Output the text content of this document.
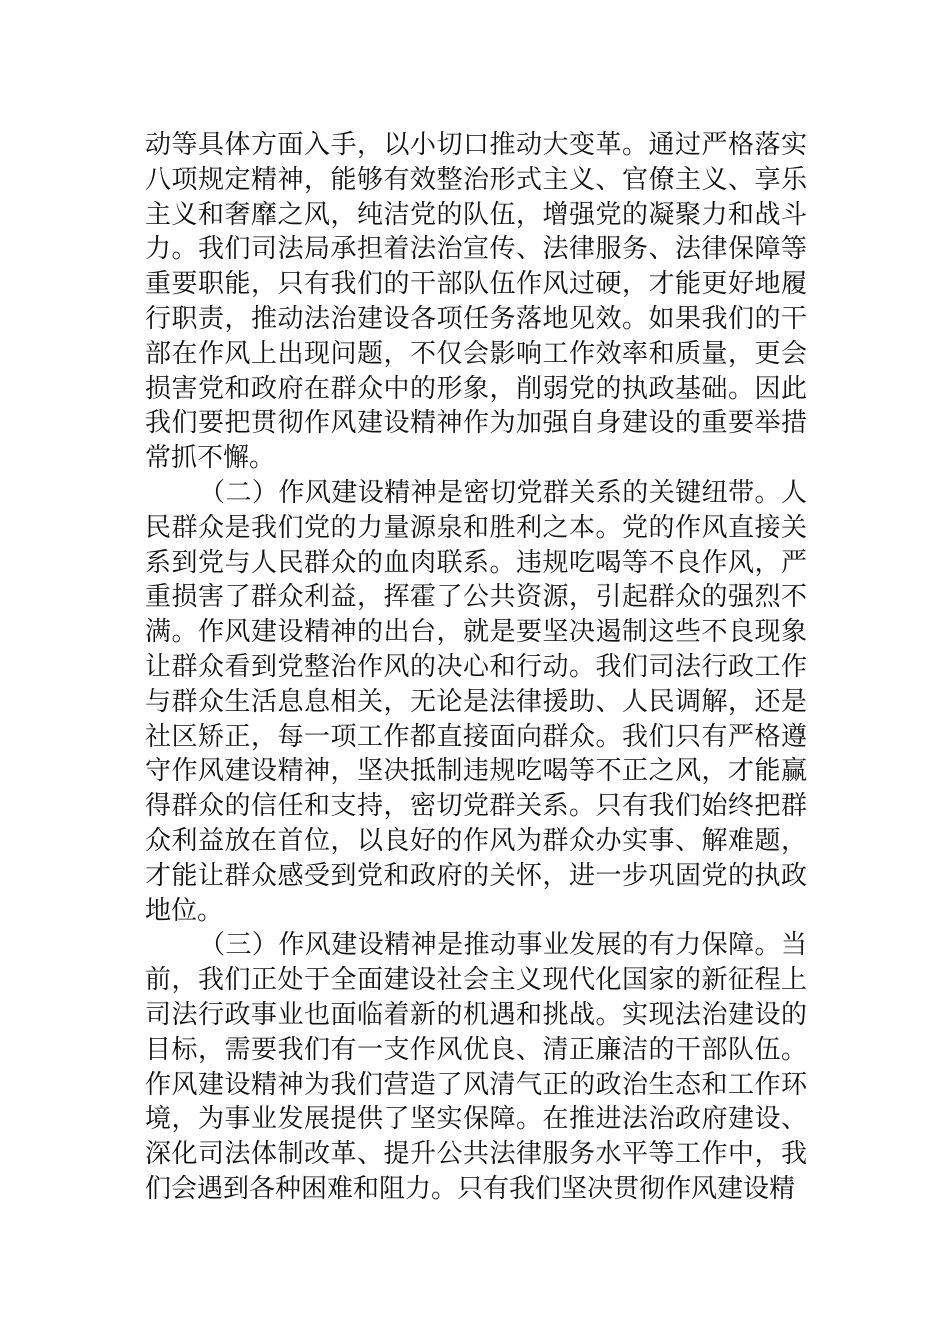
动等具体方面入手，以小切口推动大变革。通过严格落实八项规定精神，能够有效整治形式主义、官僚主义、享乐主义和奢靡之风，纯洁党的队伍，增强党的凝聚力和战斗力。我们司法局承担着法治宣传、法律服务、法律保障等重要职能，只有我们的干部队伍作风过硬，才能更好地履行职责，推动法治建设各项任务落地见效。如果我们的干部在作风上出现问题，不仅会影响工作效率和质量，更会损害党和政府在群众中的形象，削弱党的执政基础。因此我们要把贯彻作风建设精神作为加强自身建设的重要举措常抓不懈。

（二）作风建设精神是密切党群关系的关键纽带。人民群众是我们党的力量源泉和胜利之本。党的作风直接关系到党与人民群众的血肉联系。违规吃喝等不良作风，严重损害了群众利益，挥霍了公共资源，引起群众的强烈不满。作风建设精神的出台，就是要坚决遏制这些不良现象让群众看到党整治作风的决心和行动。我们司法行政工作与群众生活息息相关，无论是法律援助、人民调解，还是社区矫正，每一项工作都直接面向群众。我们只有严格遵守作风建设精神，坚决抵制违规吃喝等不正之风，才能赢得群众的信任和支持，密切党群关系。只有我们始终把群众利益放在首位，以良好的作风为群众办实事、解难题，才能让群众感受到党和政府的关怀，进一步巩固党的执政地位。

（三）作风建设精神是推动事业发展的有力保障。当前，我们正处于全面建设社会主义现代化国家的新征程上司法行政事业也面临着新的机遇和挑战。实现法治建设的目标，需要我们有一支作风优良、清正廉洁的干部队伍。作风建设精神为我们营造了风清气正的政治生态和工作环境，为事业发展提供了坚实保障。在推进法治政府建设、深化司法体制改革、提升公共法律服务水平等工作中，我们会遇到各种困难和阻力。只有我们坚决贯彻作风建设精
